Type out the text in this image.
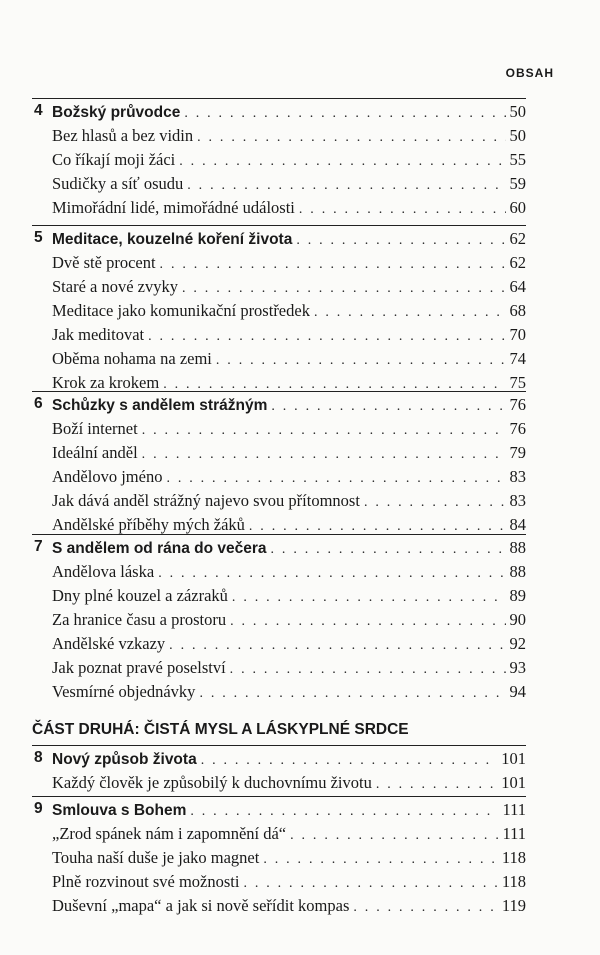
OBSAH
ČÁST DRUHÁ: ČISTÁ MYSL A LÁSKYPLNÉ SRDCE
4 Božský průvodce . . .	50
Bez hlasů a bez vidin . . .	50
Co říkají moji žáci . . .	55
Sudičky a síť osudu . . .	59
Mimořádní lidé, mimořádné události . . .	60
5 Meditace, kouzelné koření života . . .	62
Dvě stě procent . . .	62
Staré a nové zvyky . . .	64
Meditace jako komunikační prostředek . . .	68
Jak meditovat . . .	70
Oběma nohama na zemi . . .	74
Krok za krokem . . .	75
6 Schůzky s andělem strážným . . .	76
Boží internet . . .	76
Ideální anděl . . .	79
Andělovo jméno . . .	83
Jak dává anděl strážný najevo svou přítomnost . . .	83
Andělské příběhy mých žáků . . .	84
7 S andělem od rána do večera . . .	88
Andělova láska . . .	88
Dny plné kouzel a zázraků . . .	89
Za hranice času a prostoru . . .	90
Andělské vzkazy . . .	92
Jak poznat pravé poselství . . .	93
Vesmírné objednávky . . .	94
8 Nový způsob života . . .	101
Každý člověk je způsobilý k duchovnímu životu . . .	101
9 Smlouva s Bohem . . .	111
„Zrod spánek nám i zapomnění dá“ . . .	111
Touha naší duše je jako magnet . . .	118
Plně rozvinout své možnosti . . .	118
Duševní „mapa“ a jak si nově seřídit kompas . . .	119
